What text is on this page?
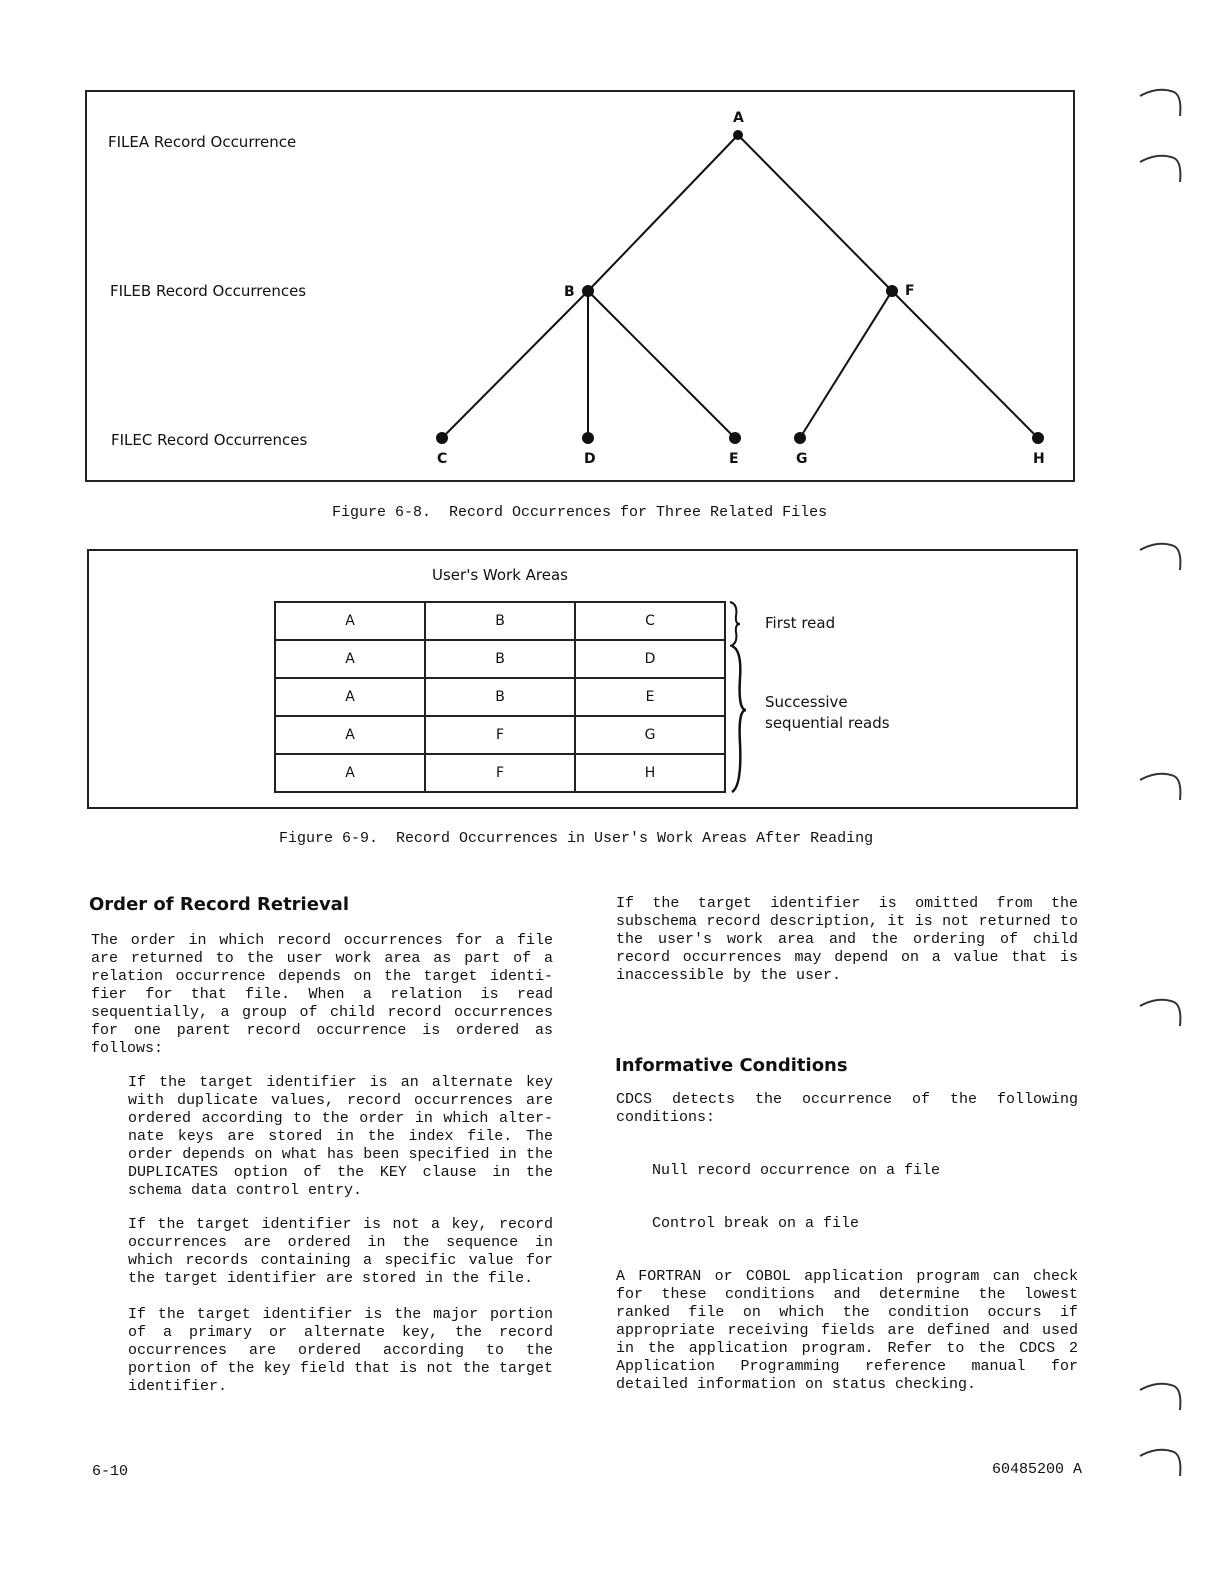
FILEA Record Occurrence
FILEB Record Occurrences
FILEC Record Occurrences
A
B	F
C	D	E	G	H
Figure 6-8.  Record Occurrences for Three Related Files
User's Work Areas
A	B	C
A	B	D
A	B	E
A	F	G
A	F	H
First read
Successive
sequential reads
Figure 6-9.  Record Occurrences in User's Work Areas After Reading
Order of Record Retrieval
The order in which record occurrences for a file are returned to the user work area as part of a relation occurrence depends on the target identi- fier for that file. When a relation is read sequentially, a group of child record occurrences for one parent record occurrence is ordered as follows:
If the target identifier is an alternate key with duplicate values, record occurrences are ordered according to the order in which alter- nate keys are stored in the index file. The order depends on what has been specified in the DUPLICATES option of the KEY clause in the schema data control entry.
If the target identifier is not a key, record occurrences are ordered in the sequence in which records containing a specific value for the target identifier are stored in the file.
If the target identifier is the major portion of a primary or alternate key, the record occurrences are ordered according to the portion of the key field that is not the target identifier.
If the target identifier is omitted from the subschema record description, it is not returned to the user's work area and the ordering of child record occurrences may depend on a value that is inaccessible by the user.
Informative Conditions
CDCS detects the occurrence of the following conditions:
Null record occurrence on a file
Control break on a file
A FORTRAN or COBOL application program can check for these conditions and determine the lowest ranked file on which the condition occurs if appropriate receiving fields are defined and used in the application program. Refer to the CDCS 2 Application Programming reference manual for detailed information on status checking.
6-10	60485200 A
